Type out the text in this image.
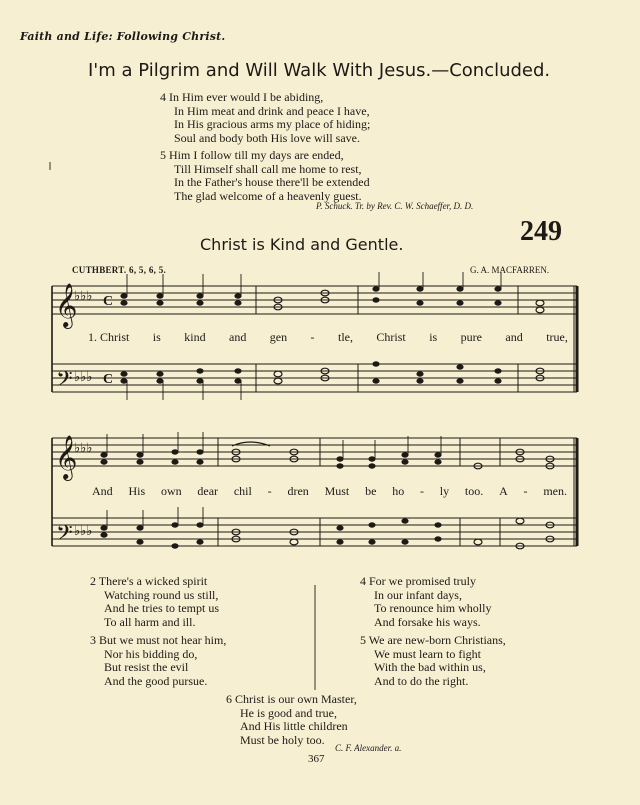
Faith and Life: Following Christ.
I'm a Pilgrim and Will Walk With Jesus.—Concluded.
4 In Him ever would I be abiding,
In Him meat and drink and peace I have,
In His gracious arms my place of hiding;
Soul and body both His love will save.
5 Him I follow till my days are ended,
Till Himself shall call me home to rest,
In the Father's house there'll be extended
The glad welcome of a heavenly guest.
P. Schuck. Tr. by Rev. C. W. Schaeffer, D. D.
249
Christ is Kind and Gentle.
CUTHBERT. 6, 5, 6, 5.	G. A. MACFARREN.
𝄞
𝄞
𝄢
𝄢
♭♭♭
♭♭♭
♭♭♭
♭♭♭
C
C
1. Christ is kind and gen - tle, Christ is pure and true,
And His own dear chil - dren Must be ho - ly too. A - men.
2 There's a wicked spirit
Watching round us still,
And he tries to tempt us
To all harm and ill.
3 But we must not hear him,
Nor his bidding do,
But resist the evil
And the good pursue.
4 For we promised truly
In our infant days,
To renounce him wholly
And forsake his ways.
5 We are new-born Christians,
We must learn to fight
With the bad within us,
And to do the right.
6 Christ is our own Master,
He is good and true,
And His little children
Must be holy too.
C. F. Alexander. a.
367
